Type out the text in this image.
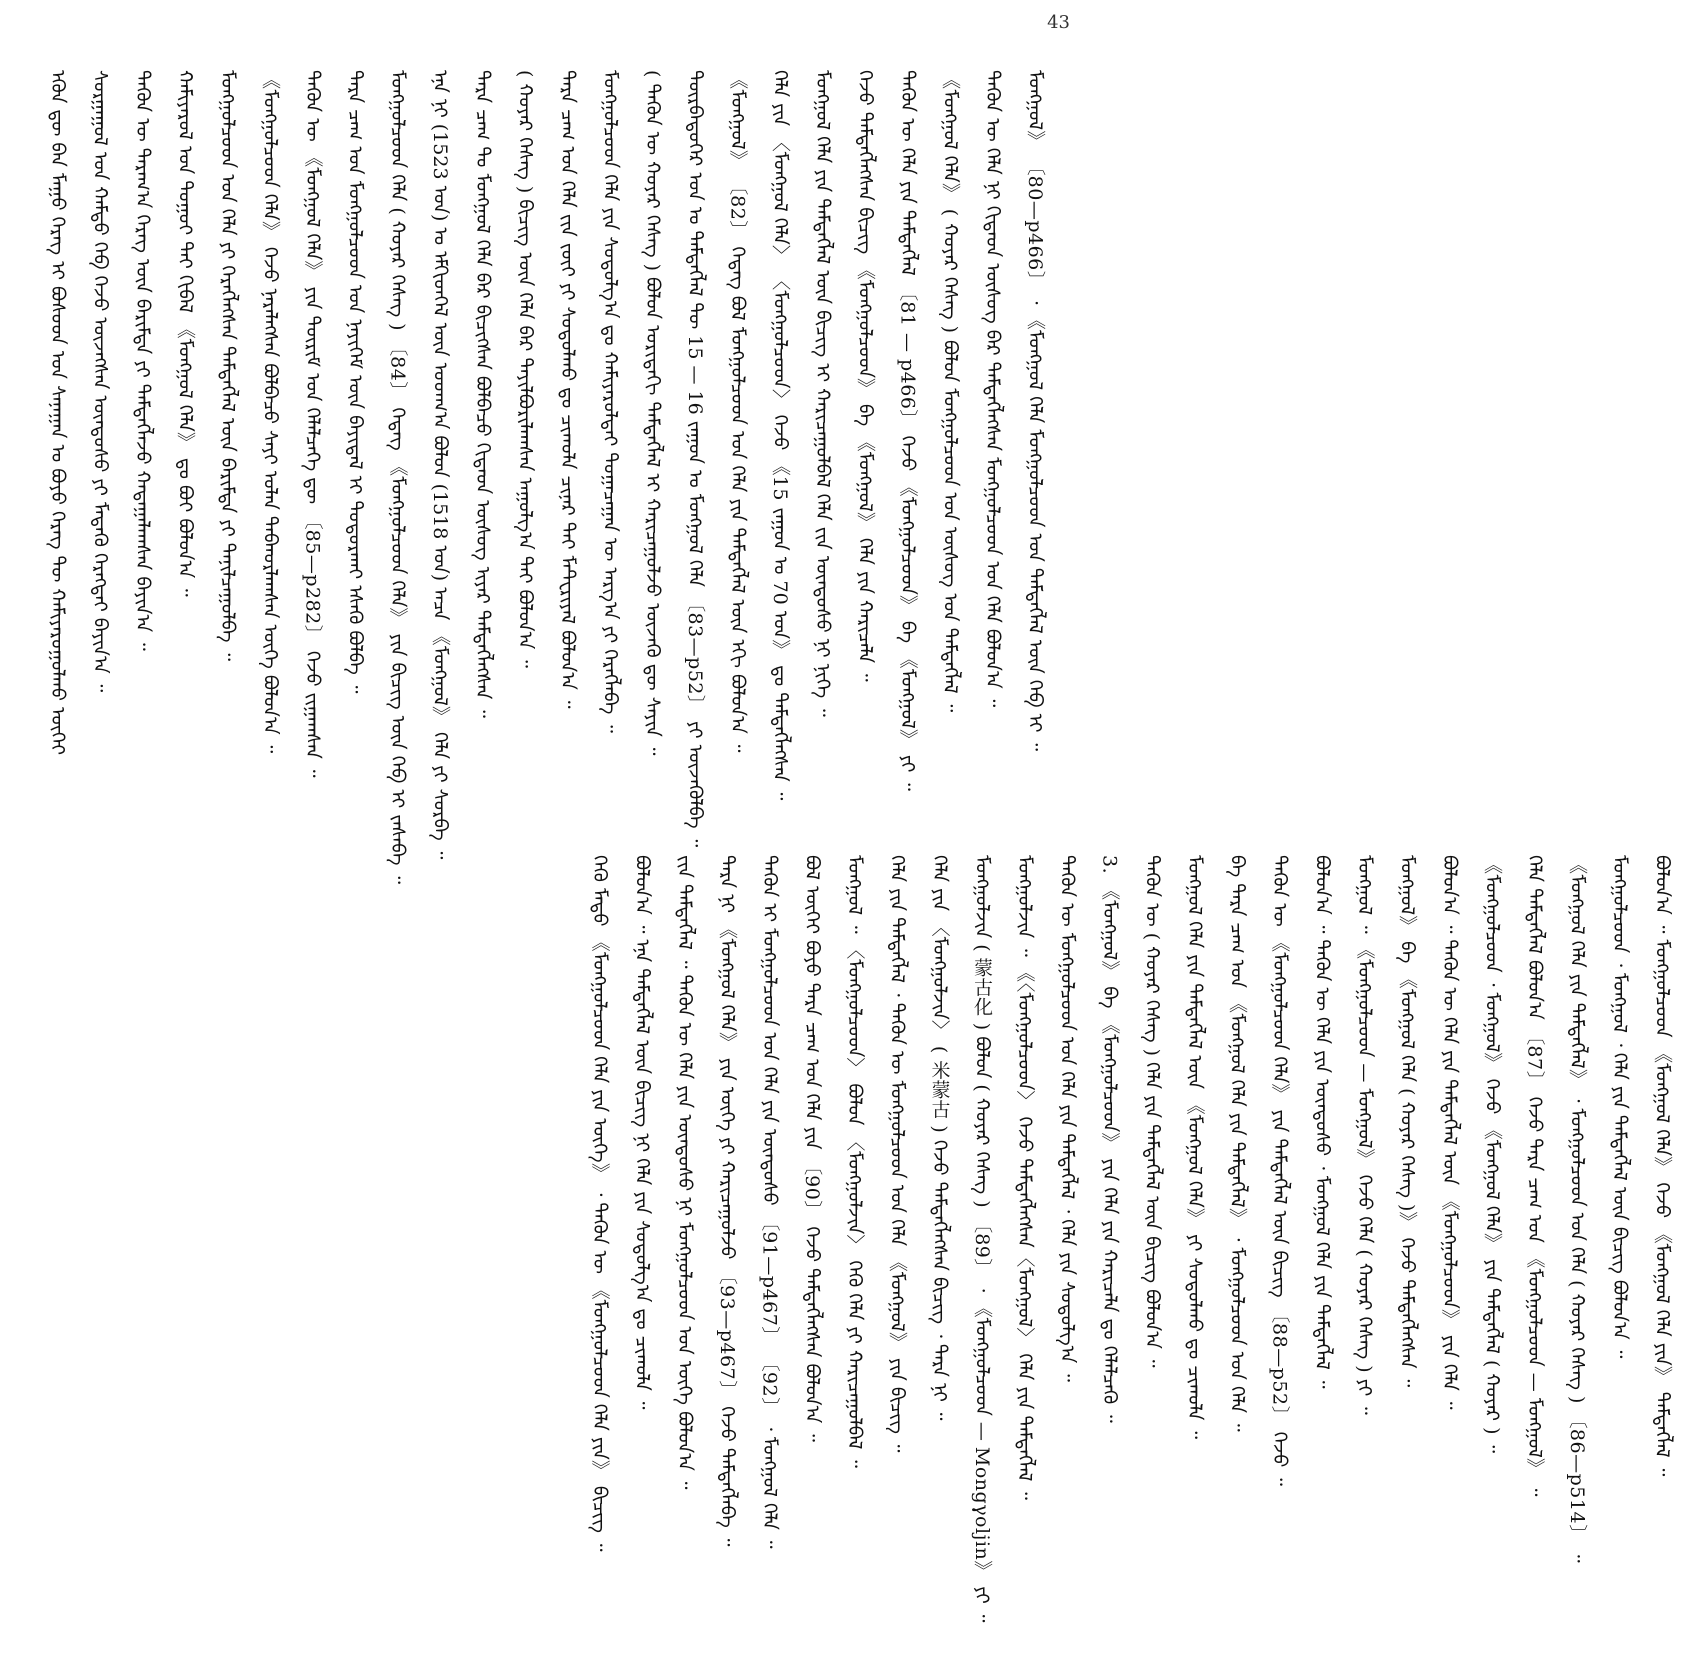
43
ᠡᠭᠦᠨ ᠳᠦ ᠪᠡᠨ ᠮᠠᠭᠤ ᠬᠡᠷᠡᠭ ᠢ ᠪᠤᠰᠤᠳ ᠤᠨ ᠰᠠᠨᠠᠭᠠᠨ ᠤ ᠪᠤᠶᠤ ᠬᠡᠷᠡᠭ ᠲᠦ ᠬᠠᠮᠢᠶᠠᠷᠤᠭᠤᠯᠬᠤ ᠦᠭᠡᠢ	ᠰᠤᠷᠭᠠᠭᠤᠯ ᠤᠨ ᠬᠠᠮᠲᠤ ᠬᠡᠪ ᠭᠡᠵᠦ ᠦᠵᠡᠭᠰᠡᠨ ᠦᠨᠳᠦᠰᠦ ᠶᠢ ᠮᠡᠳᠡᠬᠦ ᠬᠡᠷᠡᠭᠲᠡᠢ ᠪᠠᠶᠢᠨ᠎ᠠ ᠃	ᠲᠡᠭᠦᠨ ᠦ ᠳᠠᠷᠠᠭ᠎ᠠ ᠬᠡᠷᠡᠭ ᠦᠨ ᠪᠠᠷᠢᠮᠲᠠ ᠶᠢ ᠲᠡᠮᠳᠡᠭᠯᠡᠵᠦ ᠬᠠᠳᠠᠭᠠᠯᠠᠭᠰᠠᠨ ᠪᠠᠶᠢᠨ᠎ᠠ ᠃	ᠬᠠᠮᠢᠶᠠᠷᠤᠯ ᠤᠨ ᠳᠤᠭᠤᠢ ᠲᠠᠢ ᠬᠢᠪᠡᠯ 《ᠮᠣᠩᠭᠣᠯ ᠬᠡᠯᠡ》 ᠳᠤ ᠪᠤᠢ ᠪᠣᠯᠤᠨ᠎ᠠ ᠃	ᠮᠣᠩᠭᠣᠯᠴᠤᠳ ᠤᠨ ᠬᠡᠯᠡ ᠶᠢ ᠬᠡᠷᠡᠭᠯᠡᠭᠰᠡᠨ ᠲᠡᠮᠳᠡᠭᠯᠡᠯ ᠦᠨ ᠪᠠᠷᠢᠮᠲᠠ ᠶᠢ ᠲᠠᠨᠢᠯᠴᠠᠭᠤᠯᠪᠠ ᠃	《ᠮᠣᠩᠭᠣᠯᠴᠤᠳ ᠬᠡᠯᠡ》 ᠭᠡᠵᠦ ᠨᠡᠷᠡᠯᠡᠭᠰᠡᠨ ᠪᠣᠯᠪᠠᠴᠤ ᠰᠠᠶᠢ ᠤᠯᠠᠨ ᠳᠠᠪᠬᠤᠷᠯᠠᠭᠰᠠᠨ ᠦᠭᠡ ᠪᠣᠯᠤᠨ᠎ᠠ ᠃	ᠲᠡᠭᠦᠨ ᠦ 《ᠮᠣᠩᠭᠣᠯ ᠬᠡᠯᠡ》 ᠶᠢᠨ ᠳᠦᠷᠢᠮ ᠤᠨ ᠬᠡᠯᠡᠯᠴᠡᠭᠡ ᠳᠦ 〔85—p282〕 ᠭᠡᠵᠦ ᠵᠢᠭᠠᠭᠰᠠᠨ ᠃	ᠲᠡᠷᠡ ᠴᠠᠭ ᠤᠨ ᠮᠣᠩᠭᠣᠯᠴᠤᠳ ᠤᠨ ᠨᠡᠶᠢᠭᠡᠮ ᠦᠨ ᠪᠠᠶᠢᠳᠠᠯ ᠢ ᠲᠣᠳᠤᠷᠬᠠᠢ ᠡᠰᠡᠬᠦ ᠪᠣᠯᠪᠠ ᠃	ᠮᠣᠩᠭᠣᠯᠴᠤᠳ ᠬᠡᠯᠡ ( ᠬᠤᠶᠠᠷ ᠬᠡᠰᠡᠭ ) 〔84〕 ᠭᠡᠳᠡᠭ 《ᠮᠣᠩᠭᠣᠯᠴᠤᠳ ᠬᠡᠯᠡ》 ᠶᠢᠨ ᠪᠢᠴᠢᠭ ᠦᠨ ᠬᠡᠪ ᠢ ᠵᠠᠰᠠᠪᠠ ᠃	ᠡᠨᠡ ᠨᠢ (1523 ᠣᠨ) ᠤ ᠡᠮᠬᠢᠳᠬᠡᠯ ᠦᠨ ᠤᠳᠬ᠎ᠠ ᠪᠣᠯᠤᠨ (1518 ᠣᠨ) ᠠᠴᠠ 《ᠮᠣᠩᠭᠣᠯ》 ᠬᠡᠯᠡ ᠶᠢ ᠰᠤᠷᠪᠠ ᠃	ᠲᠡᠷᠡ ᠴᠠᠭ ᠲᠤ ᠮᠣᠩᠭᠣᠯ ᠬᠡᠯᠡ ᠪᠡᠷ ᠪᠢᠴᠢᠭᠰᠡᠨ ᠪᠣᠯᠪᠠᠴᠤ ᠬᠢᠳᠠᠳ ᠦᠰᠦᠭ ᠢᠶᠡᠷ ᠲᠡᠮᠳᠡᠭᠯᠡᠭᠰᠡᠨ ᠃	( ᠬᠣᠶᠠᠷ ᠬᠡᠰᠡᠭ ) ᠪᠢᠴᠢᠭ ᠦᠨ ᠬᠡᠯᠡ ᠪᠠᠷ ᠲᠠᠶᠢᠯᠪᠤᠷᠢᠯᠠᠭᠰᠠᠨ ᠠᠭᠤᠯᠭ᠎ᠠ ᠲᠠᠢ ᠪᠣᠯᠤᠨ᠎ᠠ ᠃	ᠲᠡᠷᠡ ᠴᠠᠭ ᠤᠨ ᠬᠡᠯᠡ ᠵᠢᠨ ᠵᠦᠢ ᠶᠢ ᠰᠤᠳᠤᠯᠬᠤ ᠳᠤ ᠴᠢᠬᠤᠯᠠ ᠴᠢᠨᠠᠷ ᠲᠠᠢ ᠮᠠᠲ᠋ᠸᠷᠢᠶᠠᠯ ᠪᠣᠯᠤᠨ᠎ᠠ ᠃	ᠮᠣᠩᠭᠣᠯᠴᠤᠳ ᠬᠡᠯᠡ ᠶᠢᠨ ᠰᠤᠳᠤᠯᠭ᠎ᠠ ᠳᠤ ᠬᠠᠮᠢᠶᠠᠷᠤᠯᠲᠠᠢ ᠲᠣᠭᠠᠴᠠᠭᠠᠨ ᠦ ᠠᠷᠭ᠎ᠠ ᠶᠢ ᠬᠡᠷᠡᠭᠯᠡᠪᠡ ᠃	( ᠲᠡᠭᠦᠨ ᠦ ᠬᠣᠶᠠᠷ ᠬᠡᠰᠡᠭ ) ᠪᠣᠯᠤᠨ ᠤᠷᠢᠳᠠᠬᠢ ᠲᠡᠮᠳᠡᠭᠯᠡᠯ ᠢ ᠬᠠᠷᠢᠴᠠᠭᠤᠯᠵᠤ ᠦᠵᠡᠬᠦ ᠳᠦ ᠰᠠᠶᠢᠨ ᠃	ᠳᠦᠷᠪᠡᠳᠦᠭᠡᠷ ᠣᠨ ᠤ ᠲᠡᠮᠳᠡᠭᠯᠡᠯ ᠲᠦ 15 — 16 ᠵᠠᠭᠤᠨ ᠤ ᠮᠣᠩᠭᠣᠯ ᠬᠡᠯᠡ 〔83—p52〕 ᠶᠢ ᠦᠵᠡᠭᠦᠯᠪᠡ ᠃	《ᠮᠣᠩᠭᠣᠯ》 〔82〕 ᠭᠡᠳᠡᠭ ᠪᠤᠯ ᠮᠣᠩᠭᠣᠯᠴᠤᠳ ᠤᠨ ᠬᠡᠯᠡ ᠶᠢᠨ ᠲᠡᠮᠳᠡᠭᠯᠡᠯ ᠦᠨ ᠡᠬᠢ ᠪᠣᠯᠤᠨ᠎ᠠ ᠃	ᠬᠡᠯᠡ ᠶᠢᠨ 〈ᠮᠣᠩᠭᠣᠯ ᠬᠡᠯᠡ〉 〈ᠮᠣᠩᠭᠣᠯᠴᠤᠳ〉 ᠭᠡᠵᠦ 《15 ᠵᠠᠭᠤᠨ ᠤ 70 ᠣᠨ》 ᠳᠤ ᠲᠡᠮᠳᠡᠭᠯᠡᠭᠰᠡᠨ ᠃	ᠮᠣᠩᠭᠣᠯ ᠬᠡᠯᠡ ᠶᠢᠨ ᠲᠡᠮᠳᠡᠭᠯᠡᠯ ᠦᠨ ᠪᠢᠴᠢᠭ ᠢ ᠬᠠᠷᠢᠴᠠᠭᠤᠯᠪᠠᠯ ᠬᠡᠯᠡ ᠵᠢᠨ ᠦᠨᠳᠦᠰᠦ ᠨᠢ ᠨᠢᠭᠡ ᠃	ᠭᠡᠵᠦ ᠲᠡᠮᠳᠡᠭᠯᠡᠭᠰᠡᠨ ᠪᠢᠴᠢᠭ 《ᠮᠣᠩᠭᠣᠯᠴᠤᠳ》 ᠪᠠ 《ᠮᠣᠩᠭᠣᠯ》 ᠬᠡᠯᠡ ᠶᠢᠨ ᠬᠠᠷᠢᠴᠠᠯᠠ ᠃	ᠲᠡᠭᠦᠨ ᠦ ᠬᠡᠯᠡ ᠶᠢᠨ ᠲᠡᠮᠳᠡᠭᠯᠡᠯ 〔81 — p466〕 ᠭᠡᠵᠦ 《ᠮᠣᠩᠭᠣᠯᠴᠤᠳ》 ᠪᠠ 《ᠮᠣᠩᠭᠣᠯ》 ᠶᠢ ᠃	《ᠮᠣᠩᠭᠣᠯ ᠬᠡᠯᠡ》 ( ᠬᠣᠶᠠᠷ ᠬᠡᠰᠡᠭ ) ᠪᠣᠯᠤᠨ ᠮᠣᠩᠭᠣᠯᠴᠤᠳ ᠤᠨ ᠦᠰᠦᠭ ᠤᠨ ᠲᠡᠮᠳᠡᠭᠯᠡᠯ ᠃	ᠲᠡᠭᠦᠨ ᠦ ᠬᠡᠯᠡ ᠨᠢ ᠬᠢᠳᠠᠳ ᠦᠰᠦᠭ ᠪᠠᠷ ᠲᠡᠮᠳᠡᠭᠯᠡᠭᠰᠡᠨ ᠮᠣᠩᠭᠣᠯᠴᠤᠳ ᠤᠨ ᠬᠡᠯᠡ ᠪᠣᠯᠤᠨ᠎ᠠ ᠃	ᠮᠣᠩᠭᠣᠯ》 〔80—p466〕 ᠂ 《ᠮᠣᠩᠭᠣᠯ ᠬᠡᠯᠡ ᠮᠣᠩᠭᠣᠯᠴᠤᠳ ᠤᠨ ᠲᠡᠮᠳᠡᠭᠯᠡᠯ ᠦᠨ ᠬᠡᠪ ᠢ ᠃
ᠭᠡᠬᠦ ᠮᠡᠲᠦ 《ᠮᠣᠩᠭᠣᠯᠴᠤᠳ ᠬᠡᠯᠡ ᠶᠢᠨ ᠦᠭᠡ》 ᠂ ᠲᠡᠭᠦᠨ ᠦ 《ᠮᠣᠩᠭᠣᠯᠴᠤᠳ ᠬᠡᠯᠡ ᠶᠢᠨ》 ᠪᠢᠴᠢᠭ ᠃	ᠪᠣᠯᠤᠨ᠎ᠠ ᠃ ᠡᠨᠡ ᠲᠡᠮᠳᠡᠭᠯᠡᠯ ᠦᠨ ᠪᠢᠴᠢᠭ ᠨᠢ ᠬᠡᠯᠡ ᠶᠢᠨ ᠰᠤᠳᠤᠯᠭ᠎ᠠ ᠳᠤ ᠴᠢᠬᠤᠯᠠ ᠃	ᠵᠢᠨ ᠲᠡᠮᠳᠡᠭᠯᠡᠯ ᠃ ᠲᠡᠭᠦᠨ ᠦ ᠬᠡᠯᠡ ᠶᠢᠨ ᠦᠨᠳᠦᠰᠦ ᠨᠢ ᠮᠣᠩᠭᠣᠯᠴᠤᠳ ᠤᠨ ᠦᠭᠡ ᠪᠣᠯᠤᠨ᠎ᠠ ᠃	ᠲᠡᠷᠡ ᠨᠢ 《ᠮᠣᠩᠭᠣᠯ ᠬᠡᠯᠡ》 ᠶᠢᠨ ᠦᠭᠡ ᠶᠢ ᠬᠠᠷᠢᠴᠠᠭᠤᠯᠵᠤ 〔93—p467〕 ᠭᠡᠵᠦ ᠲᠡᠮᠳᠡᠭᠯᠡᠪᠡ ᠃	ᠲᠡᠭᠦᠨ ᠢ ᠮᠣᠩᠭᠣᠯᠴᠤᠳ ᠤᠨ ᠬᠡᠯᠡ ᠶᠢᠨ ᠦᠨᠳᠦᠰᠦ 〔91—p467〕 〔92〕 ᠂ ᠮᠣᠩᠭᠣᠯ ᠬᠡᠯᠡ ᠃	ᠪᠣᠯ ᠦᠭᠡᠢ ᠪᠤᠶᠤ ᠲᠡᠷᠡ ᠴᠠᠭ ᠤᠨ ᠬᠡᠯᠡ ᠶᠢᠨ 〔90〕 ᠭᠡᠵᠦ ᠲᠡᠮᠳᠡᠭᠯᠡᠭᠰᠡᠨ ᠪᠣᠯᠤᠨ᠎ᠠ ᠃	ᠮᠣᠩᠭᠣᠯ ᠃ 〈ᠮᠣᠩᠭᠣᠯᠴᠤᠳ〉 ᠪᠣᠯᠤᠨ 〈ᠮᠣᠩᠭᠣᠯᠵᠢᠨ〉 ᠭᠡᠬᠦ ᠬᠡᠯᠡ ᠶᠢ ᠬᠠᠷᠢᠴᠠᠭᠤᠯᠪᠠᠯ ᠃	ᠬᠡᠯᠡ ᠶᠢᠨ ᠲᠡᠮᠳᠡᠭᠯᠡᠯ ᠂ ᠲᠡᠭᠦᠨ ᠦ ᠮᠣᠩᠭᠣᠯᠴᠤᠳ ᠤᠨ ᠬᠡᠯᠡ 《ᠮᠣᠩᠭᠣᠯ》 ᠶᠢᠨ ᠪᠢᠴᠢᠭ ᠃	ᠬᠡᠯᠡ ᠶᠢᠨ 〈ᠮᠣᠩᠭᠣᠯᠵᠢᠨ〉 ( 米蒙古 ) ᠭᠡᠵᠦ ᠲᠡᠮᠳᠡᠭᠯᠡᠭᠰᠡᠨ ᠪᠢᠴᠢᠭ ᠂ ᠲᠡᠷᠡ ᠨᠢ ᠃	ᠮᠣᠩᠭᠣᠯᠵᠢᠨ ( 蒙古化 ) ᠪᠣᠯᠤᠨ ( ᠬᠤᠶᠠᠷ ᠬᠡᠰᠡᠭ ) 〔89〕 ᠂ 《ᠮᠣᠩᠭᠣᠯᠴᠤᠳ — Mongγoljin》 ᠶᠢ ᠃	ᠮᠣᠩᠭᠣᠯᠵᠢᠨ ᠃ 《〈ᠮᠣᠩᠭᠣᠯᠴᠤᠳ〉 ᠭᠡᠵᠦ ᠲᠡᠮᠳᠡᠭᠯᠡᠭᠰᠡᠨ〈ᠮᠣᠩᠭᠣᠯ〉 ᠬᠡᠯᠡ ᠶᠢᠨ ᠲᠡᠮᠳᠡᠭᠯᠡᠯ ᠃	ᠲᠡᠭᠦᠨ ᠦ ᠮᠣᠩᠭᠣᠯᠴᠤᠳ ᠤᠨ ᠬᠡᠯᠡ ᠶᠢᠨ ᠲᠡᠮᠳᠡᠭᠯᠡᠯ ᠂ ᠬᠡᠯᠡ ᠶᠢᠨ ᠰᠤᠳᠤᠯᠭ᠎ᠠ ᠃	3. 《ᠮᠣᠩᠭᠣᠯ》 ᠪᠠ 《ᠮᠣᠩᠭᠣᠯᠴᠤᠳ》 ᠶᠢᠨ ᠬᠡᠯᠡ ᠶᠢᠨ ᠬᠠᠷᠢᠴᠠᠯᠠ ᠳᠤ ᠬᠡᠯᠡᠯᠴᠡᠬᠦ ᠃	ᠲᠡᠭᠦᠨ ᠦ ( ᠬᠣᠶᠠᠷ ᠬᠡᠰᠡᠭ ) ᠬᠡᠯᠡ ᠶᠢᠨ ᠲᠡᠮᠳᠡᠭᠯᠡᠯ ᠦᠨ ᠪᠢᠴᠢᠭ ᠪᠣᠯᠤᠨ᠎ᠠ ᠃	ᠮᠣᠩᠭᠣᠯ ᠬᠡᠯᠡ ᠶᠢᠨ ᠲᠡᠮᠳᠡᠭᠯᠡᠯ ᠦᠨ 《ᠮᠣᠩᠭᠣᠯ ᠬᠡᠯᠡ》 ᠶᠢ ᠰᠤᠳᠤᠯᠬᠤ ᠳᠤ ᠴᠢᠬᠤᠯᠠ ᠃	ᠪᠠ ᠲᠡᠷᠡ ᠴᠠᠭ ᠤᠨ 《ᠮᠣᠩᠭᠣᠯ ᠬᠡᠯᠡ ᠶᠢᠨ ᠲᠡᠮᠳᠡᠭᠯᠡᠯ》 ᠂ ᠮᠣᠩᠭᠣᠯᠴᠤᠳ ᠤᠨ ᠬᠡᠯᠡ ᠃	ᠲᠡᠭᠦᠨ ᠦ 《ᠮᠣᠩᠭᠣᠯᠴᠤᠳ ᠬᠡᠯᠡ》 ᠶᠢᠨ ᠲᠡᠮᠳᠡᠭᠯᠡᠯ ᠦᠨ ᠪᠢᠴᠢᠭ 〔88—p52〕 ᠭᠡᠵᠦ ᠃	ᠪᠣᠯᠤᠨ᠎ᠠ ᠃ ᠲᠡᠭᠦᠨ ᠦ ᠬᠡᠯᠡ ᠶᠢᠨ ᠦᠨᠳᠦᠰᠦ ᠂ ᠮᠣᠩᠭᠣᠯ ᠬᠡᠯᠡ ᠶᠢᠨ ᠲᠡᠮᠳᠡᠭᠯᠡᠯ ᠃	ᠮᠣᠩᠭᠣᠯ ᠃ 《ᠮᠣᠩᠭᠣᠯᠴᠤᠳ — ᠮᠣᠩᠭᠣᠯ》 ᠭᠡᠵᠦ ᠬᠡᠯᠡ ( ᠬᠣᠶᠠᠷ ᠬᠡᠰᠡᠭ ) ᠶᠢ ᠃	ᠮᠣᠩᠭᠣᠯ》 ᠪᠠ 《ᠮᠣᠩᠭᠣᠯ ᠬᠡᠯᠡ ( ᠬᠣᠶᠠᠷ ᠬᠡᠰᠡᠭ )》 ᠭᠡᠵᠦ ᠲᠡᠮᠳᠡᠭᠯᠡᠭᠰᠡᠨ ᠃	ᠪᠣᠯᠤᠨ᠎ᠠ ᠃ ᠲᠡᠭᠦᠨ ᠦ ᠬᠡᠯᠡ ᠶᠢᠨ ᠲᠡᠮᠳᠡᠭᠯᠡᠯ ᠦᠨ 《ᠮᠣᠩᠭᠣᠯᠴᠤᠳ》 ᠶᠢᠨ ᠬᠡᠯᠡ ᠃	《ᠮᠣᠩᠭᠣᠯᠴᠤᠳ ᠂ ᠮᠣᠩᠭᠣᠯ》 ᠭᠡᠵᠦ 《ᠮᠣᠩᠭᠣᠯ ᠬᠡᠯᠡ》 ᠶᠢᠨ ᠲᠡᠮᠳᠡᠭᠯᠡᠯ ( ᠬᠣᠶᠠᠷ ) ᠃	ᠬᠡᠯᠡ ᠲᠡᠮᠳᠡᠭᠯᠡᠯ ᠪᠣᠯᠤᠨ᠎ᠠ 〔87〕 ᠭᠡᠵᠦ ᠲᠡᠷᠡ ᠴᠠᠭ ᠤᠨ 《ᠮᠣᠩᠭᠣᠯᠴᠤᠳ — ᠮᠣᠩᠭᠣᠯ》 ᠃	《ᠮᠣᠩᠭᠣᠯ ᠬᠡᠯᠡ ᠶᠢᠨ ᠲᠡᠮᠳᠡᠭᠯᠡᠯ》 ᠂ ᠮᠣᠩᠭᠣᠯᠴᠤᠳ ᠤᠨ ᠬᠡᠯᠡ ( ᠬᠣᠶᠠᠷ ᠬᠡᠰᠡᠭ ) 〔86—p514〕 ᠃	ᠮᠣᠩᠭᠣᠯᠴᠤᠳ ᠂ ᠮᠣᠩᠭᠣᠯ ᠂ ᠬᠡᠯᠡ ᠶᠢᠨ ᠲᠡᠮᠳᠡᠭᠯᠡᠯ ᠦᠨ ᠪᠢᠴᠢᠭ ᠪᠣᠯᠤᠨ᠎ᠠ ᠃	ᠪᠣᠯᠤᠨ᠎ᠠ ᠃ ᠮᠣᠩᠭᠣᠯᠴᠤᠳ 《ᠮᠣᠩᠭᠣᠯ ᠬᠡᠯᠡ》 ᠭᠡᠵᠦ 《ᠮᠣᠩᠭᠣᠯ ᠬᠡᠯᠡ ᠶᠢᠨ》 ᠲᠡᠮᠳᠡᠭᠯᠡᠯ ᠃
